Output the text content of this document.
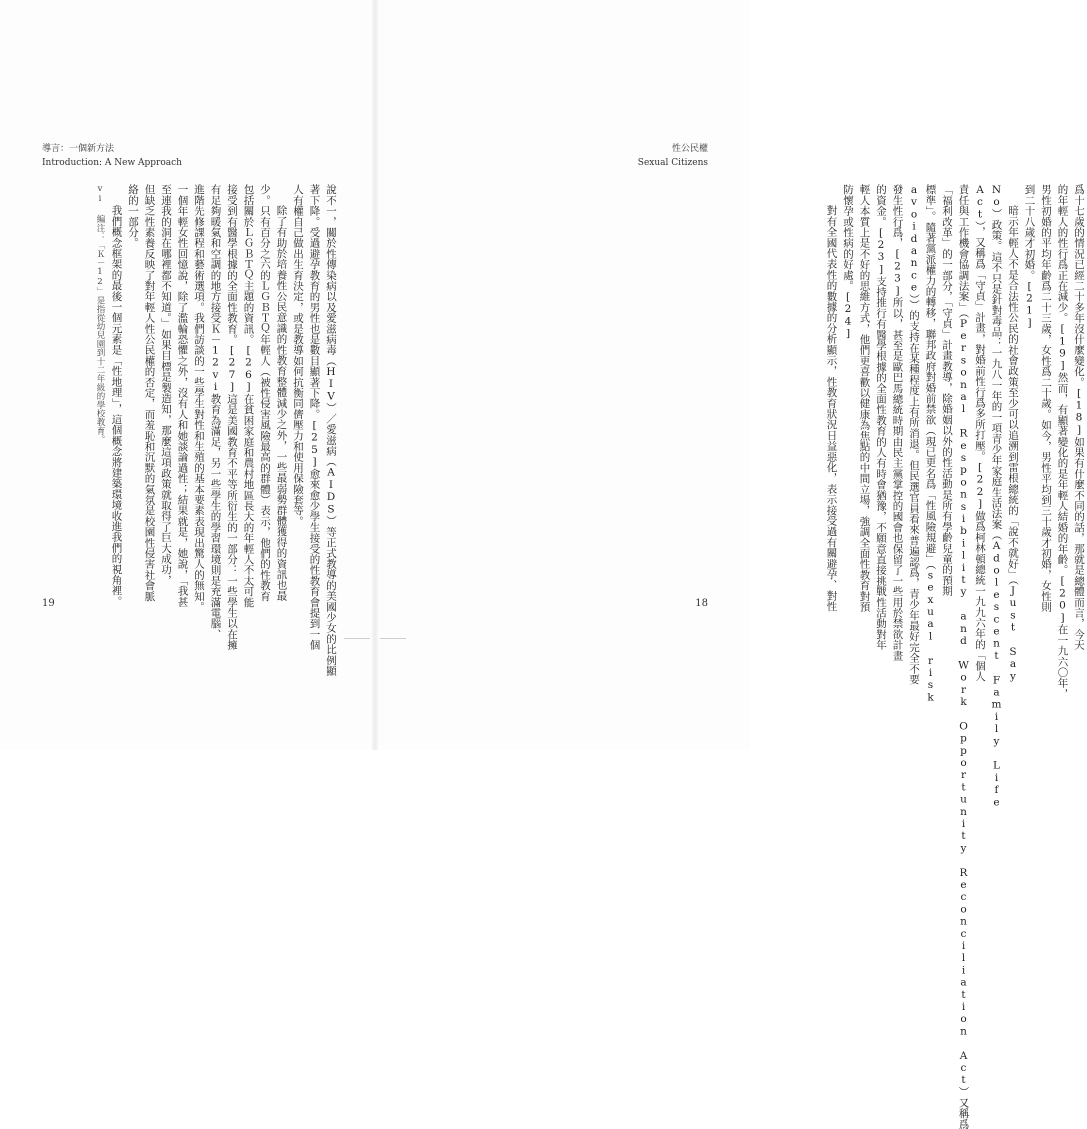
導言：一個新方法
Introduction: A New Approach
說不一，關於性傳染病以及愛滋病毒（HIV）／愛滋病（AIDS）等正式教導的美國少女的比例顯
著下降。受過避孕教育的男性也是數目顯著下降。[25]愈來愈少學生接受的性教育會提到一個
人有權自己做出生育決定，或是教導如何抗衡同儕壓力和使用保險套等。
除了有助於培養性公民意識的性教育整體減少之外，一些最弱勢群體獲得的資訊也最
少。只有百分之六的ＬＧＢＴＱ年輕人（被性侵害風險最高的群體）表示，他們的性教育
包括關於ＬＧＢＴＱ主題的資訊。[26]在貧困家庭和農村地區長大的年輕人不太可能
接受到有醫學根據的全面性教育。[27]這是美國教育不平等所衍生的一部分：一些學生以在擁
有足夠暖氣和空調的地方接受Ｋ－12vi教育為滿足，另一些學生的學習環境則是充滿電腦、
進階先修課程和藝術選項。我們訪談的一些學生對性和生殖的基本要素表現出驚人的無知。
一個年輕女性回憶說，除了濫輪恐懼之外，沒有人和她談論過性；結果就是，她說，「我甚
至連我的洞在哪裡都不知道。」如果目標是製造知，那麼這項政策就取得了巨大成功，
但缺乏性素養反映了對年輕人性公民權的否定，而羞恥和沉默的氣氛是校園性侵害社會脈
絡的一部分。
我們概念框架的最後一個元素是「性地理」，這個概念將建築環境收進我們的視角裡。
vi 編注：「Ｋ－12」是指從幼兒園到十二年級的學校教育。
19
性公民權
Sexual Citizens
爲十七歲的情況已經二十多年沒什麼變化。[18]如果有什麼不同的話，那就是總體而言，今天
的年輕人的性行爲正在減少。[19]然而，有顯著變化的是年輕人結婚的年齡。[20]在一九六〇年，
男性初婚的平均年齡爲二十三歲，女性爲二十歲。如今，男性平均到三十歲才初婚，女性則
到二十八歲才初婚。[21]
暗示年輕人不是合法性公民的社會政策至少可以追溯到雷根總統的「說不就好」（Just Say
No）政策。這不只是針對毒品：一九八一年的一項青少年家庭生活法案（Adolescent Family Life
Act），又稱爲「守貞」計畫，對婚前性行爲多所打壓。[22]做爲柯林頓總統一九九六年的「個人
責任與工作機會協調法案」（Personal Responsibility and Work Opportunity Reconciliation Act）又稱爲
「福利改革」的一部分，「守貞」計畫教導，除婚姻以外的性活動是所有學齡兒童的預期
標準」。隨著黨派權力的轉移，聯邦政府對婚前禁欲（現已更名爲「性風險規避」（sexual risk
avoidance））的支持在某種程度上有所消退。但民選官員看來普遍認爲，青少年最好完全不要
發生性行爲，[23]所以，甚至是歐巴馬總統時期由民主黨掌控的國會也保留了一些用於禁欲計畫
的資金。[23]支持推行有醫學根據的全面性教育的人有時會猶豫，不願意直接挑戰性活動對年
輕人本質上是不好的思維方式，他們更喜歡以健康為焦點的中間立場，強調全面性教育對預
防懷孕或性病的好處。[24]
對有全國代表性的數據的分析顯示，性教育狀況日益惡化，表示接受過有關避孕、對性
18
